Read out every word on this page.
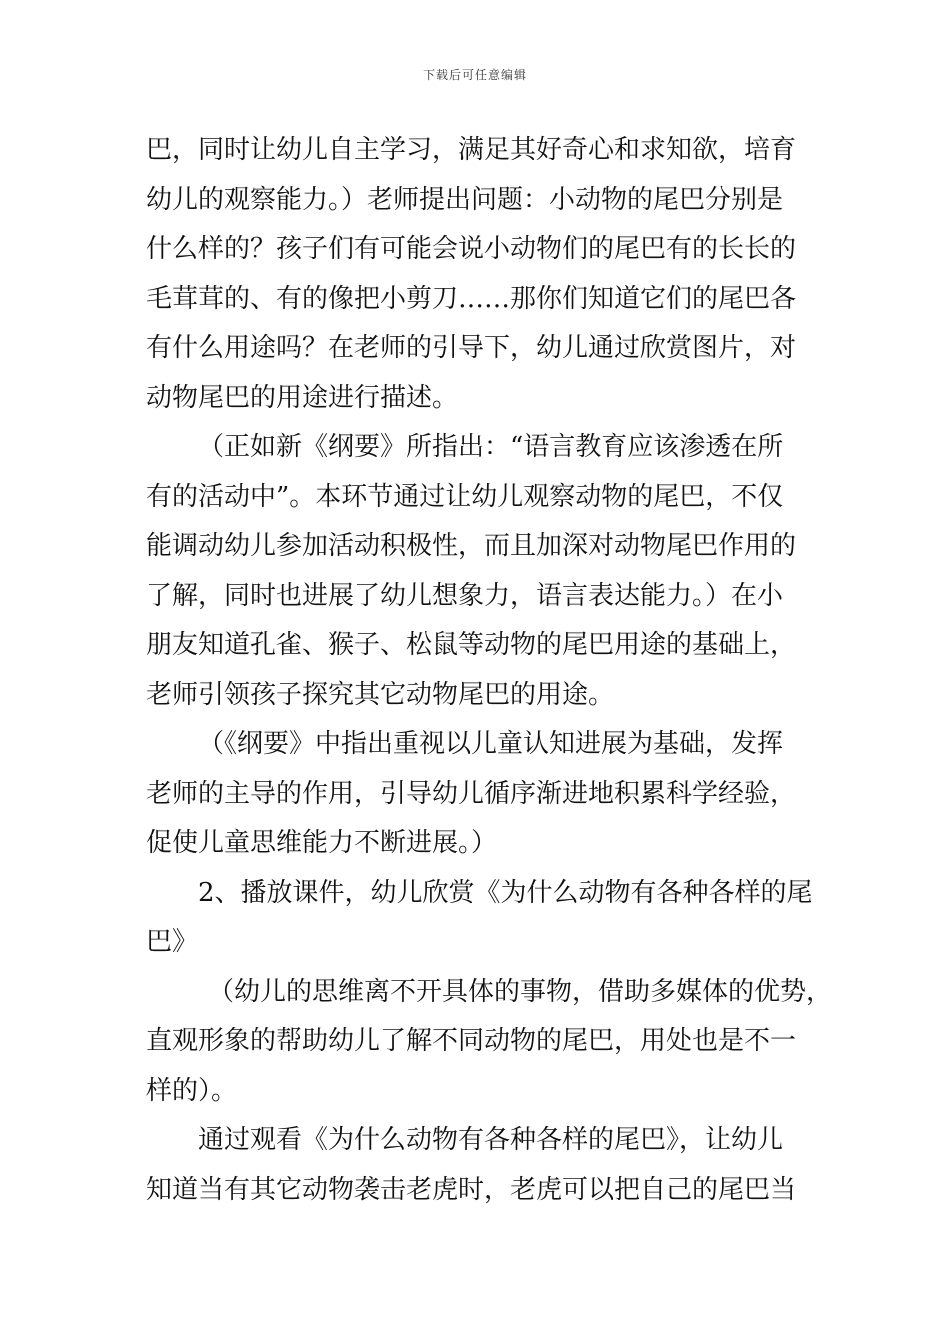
下载后可任意编辑
巴，同时让幼儿自主学习，满足其好奇心和求知欲，培育
幼儿的观察能力。）老师提出问题：小动物的尾巴分别是
什么样的？孩子们有可能会说小动物们的尾巴有的长长的
毛茸茸的、有的像把小剪刀……那你们知道它们的尾巴各
有什么用途吗？在老师的引导下，幼儿通过欣赏图片，对
动物尾巴的用途进行描述。
（正如新《纲要》所指出：“语言教育应该渗透在所
有的活动中”。本环节通过让幼儿观察动物的尾巴，不仅
能调动幼儿参加活动积极性，而且加深对动物尾巴作用的
了解，同时也进展了幼儿想象力，语言表达能力。）在小
朋友知道孔雀、猴子、松鼠等动物的尾巴用途的基础上，
老师引领孩子探究其它动物尾巴的用途。
（《纲要》中指出重视以儿童认知进展为基础，发挥
老师的主导的作用，引导幼儿循序渐进地积累科学经验，
促使儿童思维能力不断进展。）
2、播放课件，幼儿欣赏《为什么动物有各种各样的尾
巴》
（幼儿的思维离不开具体的事物，借助多媒体的优势，
直观形象的帮助幼儿了解不同动物的尾巴，用处也是不一
样的）。
通过观看《为什么动物有各种各样的尾巴》，让幼儿
知道当有其它动物袭击老虎时，老虎可以把自己的尾巴当
